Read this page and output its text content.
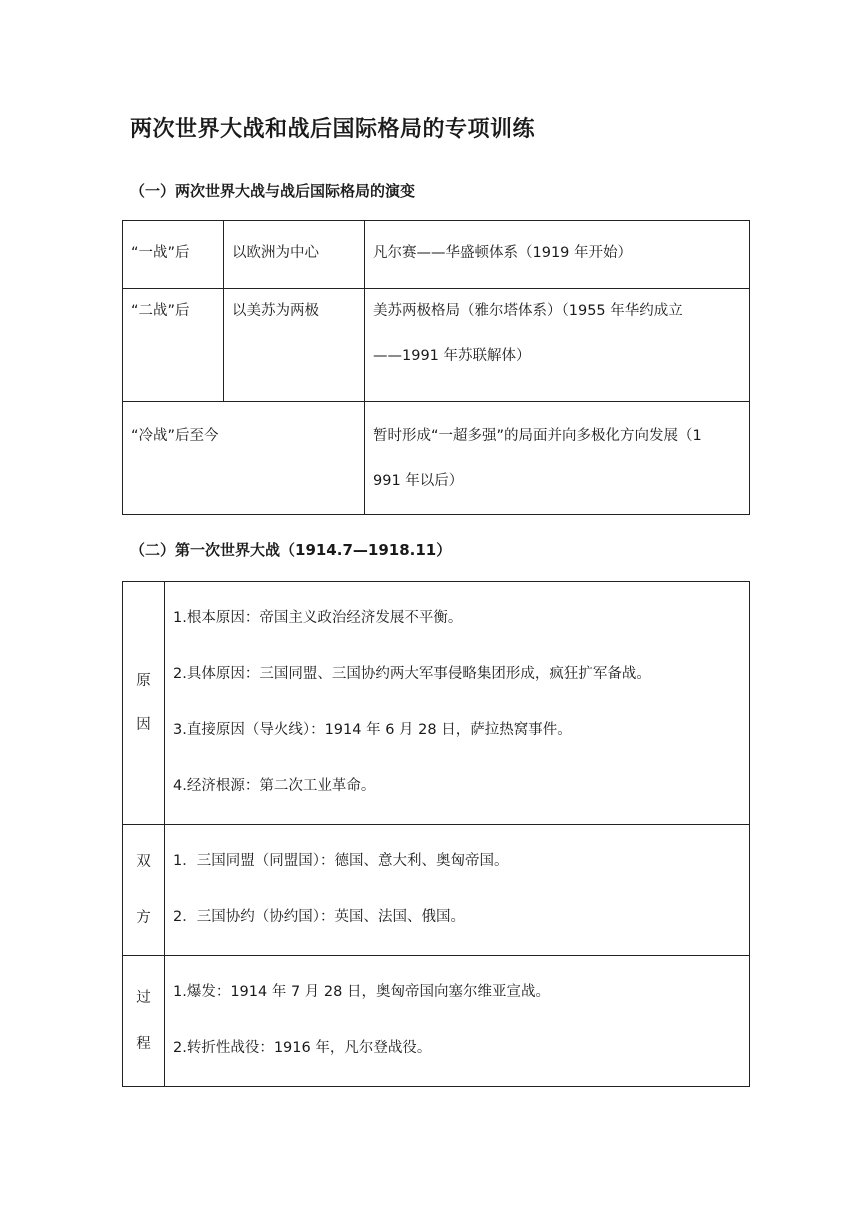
两次世界大战和战后国际格局的专项训练
（一）两次世界大战与战后国际格局的演变
“一战”后	以欧洲为中心	凡尔赛——华盛顿体系（1919 年开始）

“二战”后	以美苏为两极	美苏两极格局（雅尔塔体系）（1955 年华约成立
——1991 年苏联解体）

“冷战”后至今		暂时形成“一超多强”的局面并向多极化方向发展（1
991 年以后）
（二）第一次世界大战（1914.7—1918.11）
原
因	1.根本原因：帝国主义政治经济发展不平衡。
2.具体原因：三国同盟、三国协约两大军事侵略集团形成，疯狂扩军备战。
3.直接原因（导火线）：1914 年 6 月 28 日，萨拉热窝事件。
4.经济根源：第二次工业革命。

双
方	1．三国同盟（同盟国）：德国、意大利、奥匈帝国。
2．三国协约（协约国）：英国、法国、俄国。

过
程	1.爆发：1914 年 7 月 28 日，奥匈帝国向塞尔维亚宣战。
2.转折性战役：1916 年，凡尔登战役。
